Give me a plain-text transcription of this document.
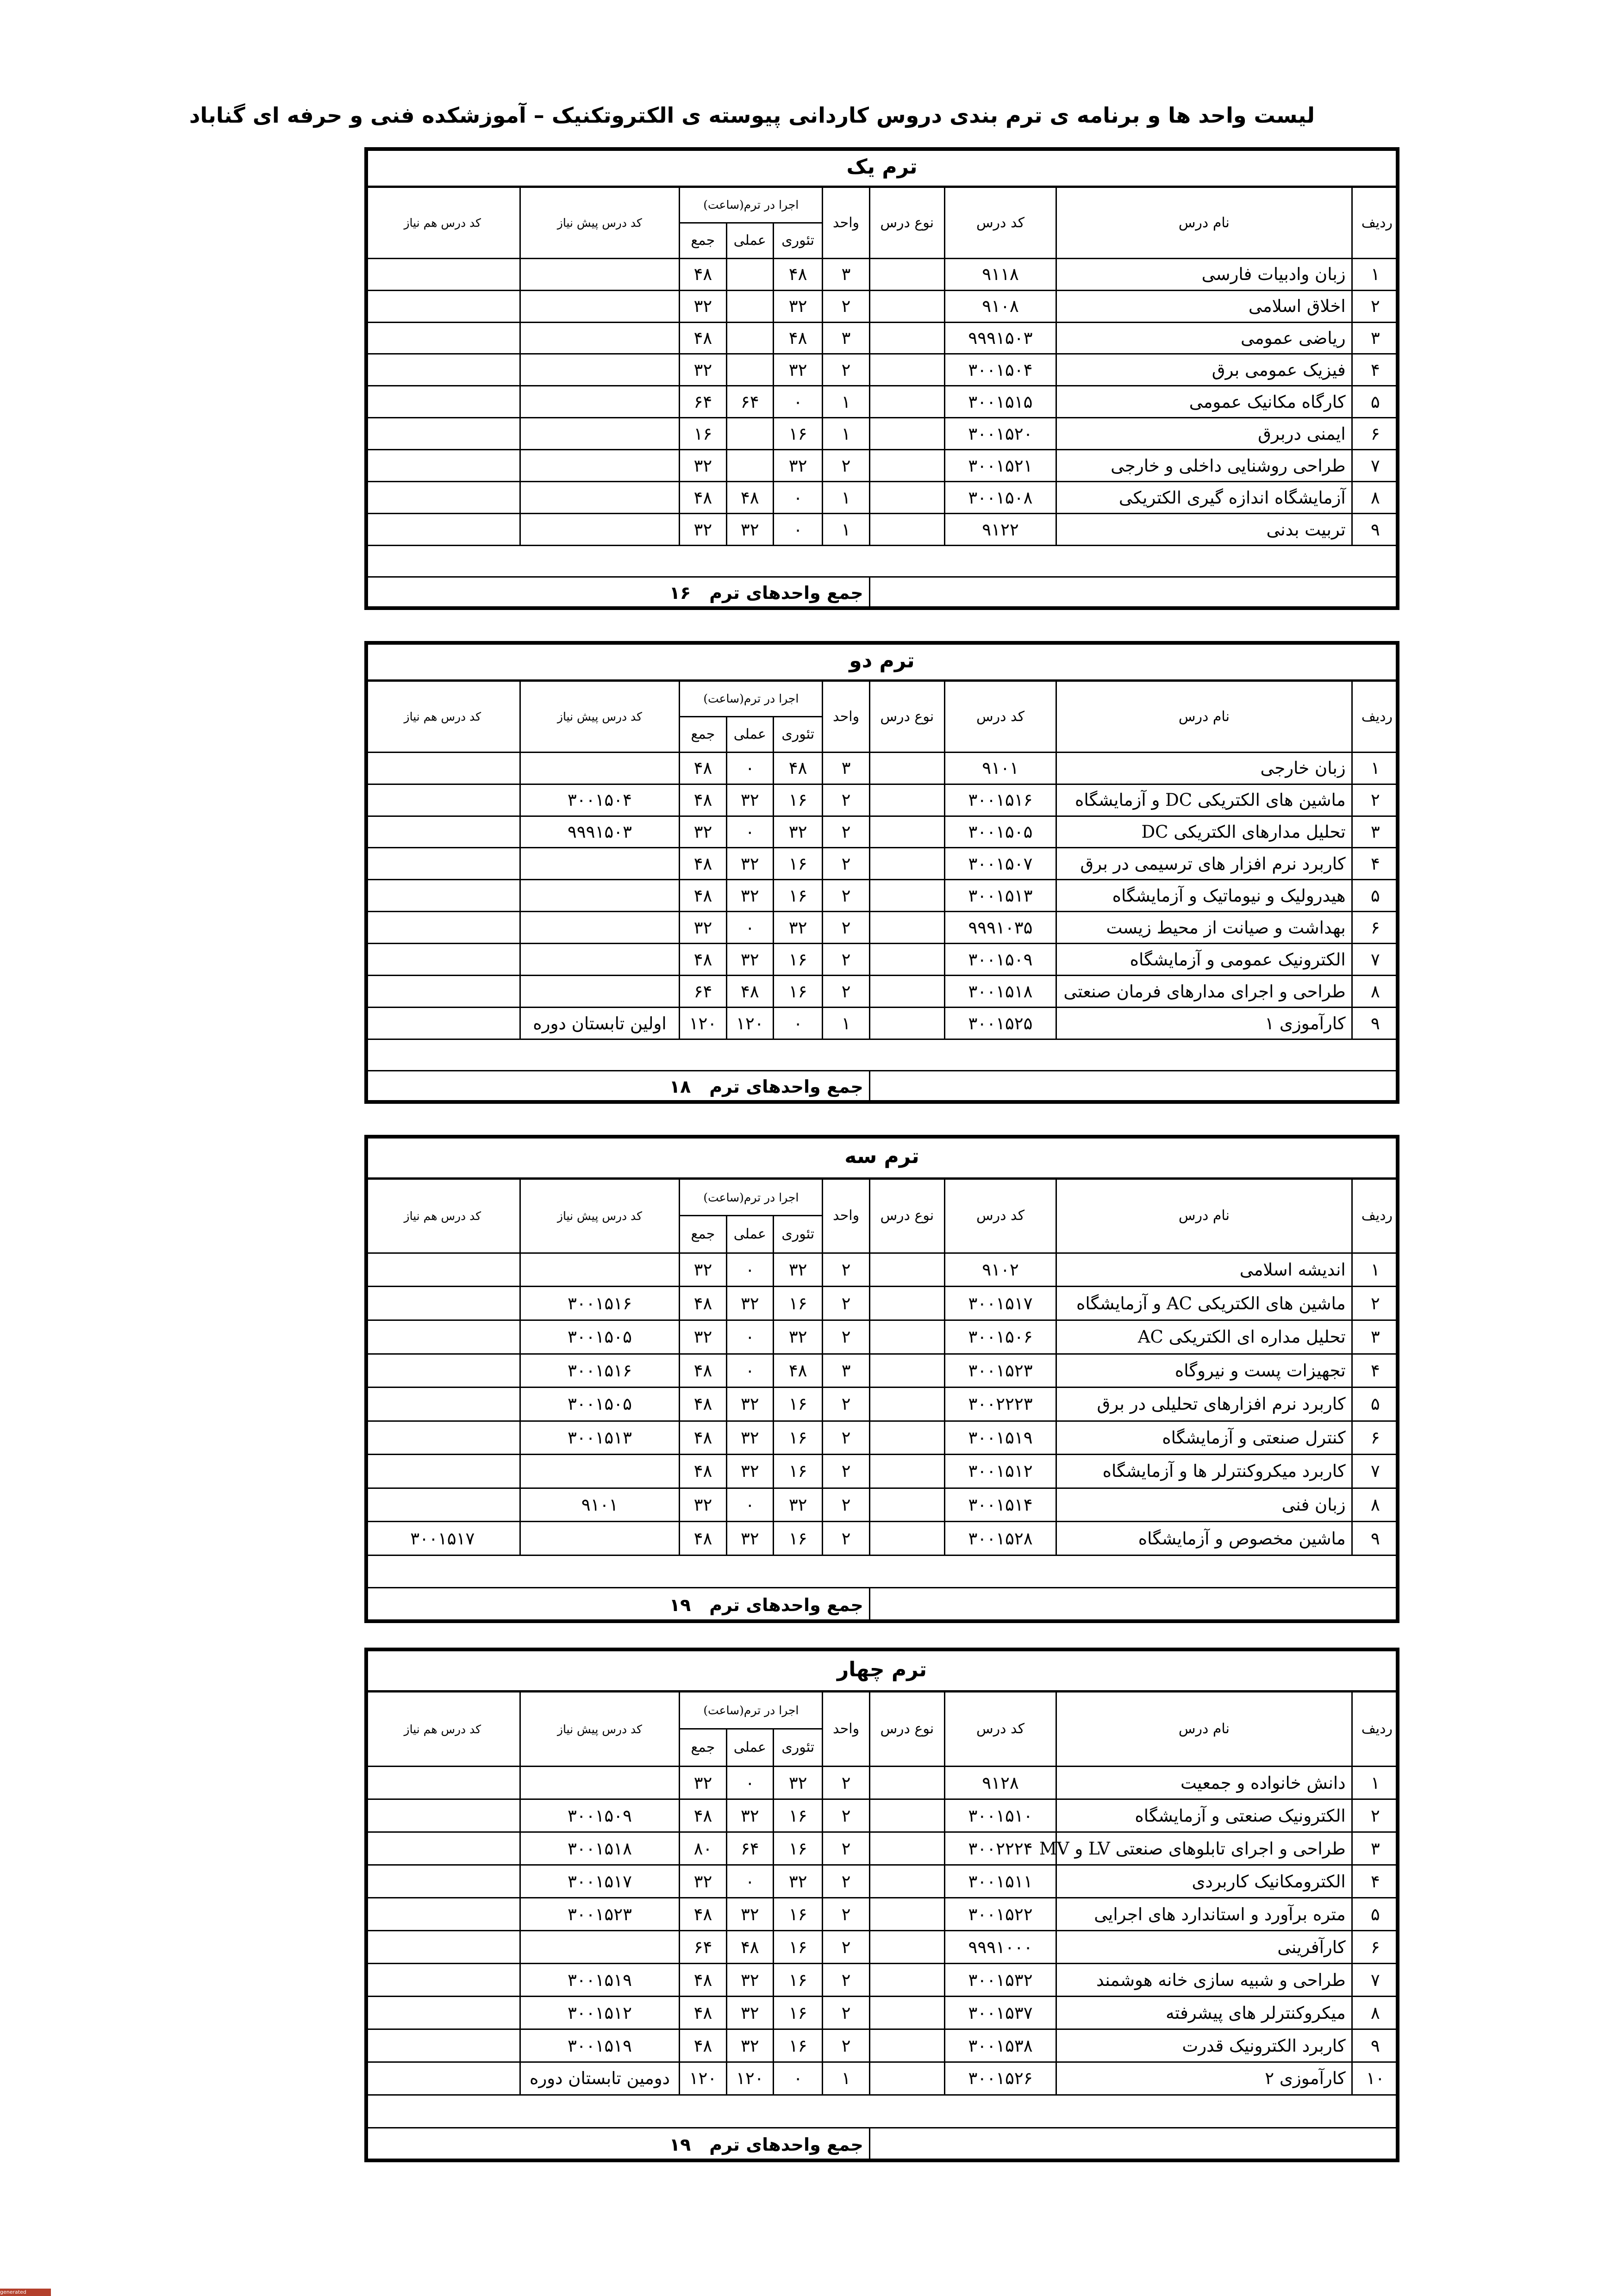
لیست واحد ها و برنامه ی ترم بندی دروس کاردانی پیوسته ی الکتروتکنیک – آموزشکده فنی و حرفه ای گناباد
ترم یک									
ردیف	نام درس	کد درس	نوع درس	واحد	اجرا در ترم(ساعت)			کد درس پیش نیاز	کد درس هم نیاز
					تئوری	عملی	جمع		
۱	زبان وادبیات فارسی	۹۱۱۸		۳	۴۸		۴۸		
۲	اخلاق اسلامی	۹۱۰۸		۲	۳۲		۳۲		
۳	ریاضی عمومی	۹۹۹۱۵۰۳		۳	۴۸		۴۸		
۴	فیزیک عمومی برق	۳۰۰۱۵۰۴		۲	۳۲		۳۲		
۵	کارگاه مکانیک عمومی	۳۰۰۱۵۱۵		۱	۰	۶۴	۶۴		
۶	ایمنی دربرق	۳۰۰۱۵۲۰		۱	۱۶		۱۶		
۷	طراحی روشنایی داخلی و خارجی	۳۰۰۱۵۲۱		۲	۳۲		۳۲		
۸	آزمایشگاه اندازه گیری الکتریکی	۳۰۰۱۵۰۸		۱	۰	۴۸	۴۸		
۹	تربیت بدنی	۹۱۲۲		۱	۰	۳۲	۳۲		

				جمع واحدهای ترم۱۶					
ترم دو									
ردیف	نام درس	کد درس	نوع درس	واحد	اجرا در ترم(ساعت)			کد درس پیش نیاز	کد درس هم نیاز
					تئوری	عملی	جمع		
۱	زبان خارجی	۹۱۰۱		۳	۴۸	۰	۴۸		
۲	ماشین های الکتریکی DC و آزمایشگاه	۳۰۰۱۵۱۶		۲	۱۶	۳۲	۴۸	۳۰۰۱۵۰۴	
۳	تحلیل مدارهای الکتریکی DC	۳۰۰۱۵۰۵		۲	۳۲	۰	۳۲	۹۹۹۱۵۰۳	
۴	کاربرد نرم افزار های ترسیمی در برق	۳۰۰۱۵۰۷		۲	۱۶	۳۲	۴۸		
۵	هیدرولیک و نیوماتیک و آزمایشگاه	۳۰۰۱۵۱۳		۲	۱۶	۳۲	۴۸		
۶	بهداشت و صیانت از محیط زیست	۹۹۹۱۰۳۵		۲	۳۲	۰	۳۲		
۷	الکترونیک عمومی و آزمایشگاه	۳۰۰۱۵۰۹		۲	۱۶	۳۲	۴۸		
۸	طراحی و اجرای مدارهای فرمان صنعتی	۳۰۰۱۵۱۸		۲	۱۶	۴۸	۶۴		
۹	کارآموزی ۱	۳۰۰۱۵۲۵		۱	۰	۱۲۰	۱۲۰	اولین تابستان دوره	

				جمع واحدهای ترم۱۸					
ترم سه									
ردیف	نام درس	کد درس	نوع درس	واحد	اجرا در ترم(ساعت)			کد درس پیش نیاز	کد درس هم نیاز
					تئوری	عملی	جمع		
۱	اندیشه اسلامی	۹۱۰۲		۲	۳۲	۰	۳۲		
۲	ماشین های الکتریکی AC و آزمایشگاه	۳۰۰۱۵۱۷		۲	۱۶	۳۲	۴۸	۳۰۰۱۵۱۶	
۳	تحلیل مداره ای الکتریکی AC	۳۰۰۱۵۰۶		۲	۳۲	۰	۳۲	۳۰۰۱۵۰۵	
۴	تجهیزات پست و نیروگاه	۳۰۰۱۵۲۳		۳	۴۸	۰	۴۸	۳۰۰۱۵۱۶	
۵	کاربرد نرم افزارهای تحلیلی در برق	۳۰۰۲۲۲۳		۲	۱۶	۳۲	۴۸	۳۰۰۱۵۰۵	
۶	کنترل صنعتی و آزمایشگاه	۳۰۰۱۵۱۹		۲	۱۶	۳۲	۴۸	۳۰۰۱۵۱۳	
۷	کاربرد میکروکنترلر ها و آزمایشگاه	۳۰۰۱۵۱۲		۲	۱۶	۳۲	۴۸		
۸	زبان فنی	۳۰۰۱۵۱۴		۲	۳۲	۰	۳۲	۹۱۰۱	
۹	ماشین مخصوص و آزمایشگاه	۳۰۰۱۵۲۸		۲	۱۶	۳۲	۴۸		۳۰۰۱۵۱۷

				جمع واحدهای ترم۱۹					
ترم چهار									
ردیف	نام درس	کد درس	نوع درس	واحد	اجرا در ترم(ساعت)			کد درس پیش نیاز	کد درس هم نیاز
					تئوری	عملی	جمع		
۱	دانش خانواده و جمعیت	۹۱۲۸		۲	۳۲	۰	۳۲		
۲	الکترونیک صنعتی و آزمایشگاه	۳۰۰۱۵۱۰		۲	۱۶	۳۲	۴۸	۳۰۰۱۵۰۹	
۳	طراحی و اجرای تابلوهای صنعتی LV و MV	۳۰۰۲۲۲۴		۲	۱۶	۶۴	۸۰	۳۰۰۱۵۱۸	
۴	الکترومکانیک کاربردی	۳۰۰۱۵۱۱		۲	۳۲	۰	۳۲	۳۰۰۱۵۱۷	
۵	متره برآورد و استاندارد های اجرایی	۳۰۰۱۵۲۲		۲	۱۶	۳۲	۴۸	۳۰۰۱۵۲۳	
۶	کارآفرینی	۹۹۹۱۰۰۰		۲	۱۶	۴۸	۶۴		
۷	طراحی و شبیه سازی خانه هوشمند	۳۰۰۱۵۳۲		۲	۱۶	۳۲	۴۸	۳۰۰۱۵۱۹	
۸	میکروکنترلر های پیشرفته	۳۰۰۱۵۳۷		۲	۱۶	۳۲	۴۸	۳۰۰۱۵۱۲	
۹	کاربرد الکترونیک قدرت	۳۰۰۱۵۳۸		۲	۱۶	۳۲	۴۸	۳۰۰۱۵۱۹	
۱۰	کارآموزی ۲	۳۰۰۱۵۲۶		۱	۰	۱۲۰	۱۲۰	دومین تابستان دوره	

				جمع واحدهای ترم۱۹					
generated
